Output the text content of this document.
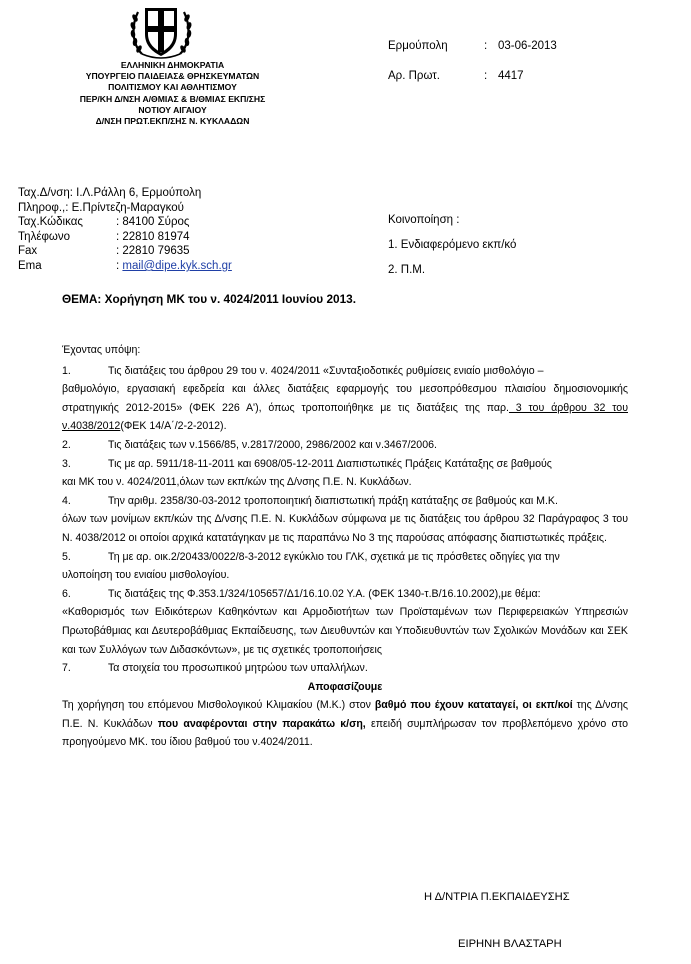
ΕΛΛΗΝΙΚΗ ΔΗΜΟΚΡΑΤΙΑ
ΥΠΟΥΡΓΕΙΟ ΠΑΙΔΕΙΑΣ& ΘΡΗΣΚΕΥΜΑΤΩΝ
ΠΟΛΙΤΙΣΜΟΥ ΚΑΙ ΑΘΛΗΤΙΣΜΟΥ
ΠΕΡ/ΚΗ Δ/ΝΣΗ Α/ΘΜΙΑΣ & Β/ΘΜΙΑΣ ΕΚΠ/ΣΗΣ
ΝΟΤΙΟΥ ΑΙΓΑΙΟΥ
Δ/ΝΣΗ ΠΡΩΤ.ΕΚΠ/ΣΗΣ Ν. ΚΥΚΛΑΔΩΝ
Ερμούπολη	: 03-06-2013
Αρ. Πρωτ.	: 4417
Ταχ.Δ/νση: Ι.Λ.Ράλλη 6, Ερμούπολη
Πληροφ.,: Ε.Πρίντεζη-Μαραγκού
Ταχ.Κώδικας	: 84100 Σύρος
Τηλέφωνο	: 22810 81974
Fax	: 22810 79635
Ema	: mail@dipe.kyk.sch.gr
Κοινοποίηση :
1. Ενδιαφερόμενο εκπ/κό
2. Π.Μ.
ΘΕΜΑ: Χορήγηση ΜΚ του ν. 4024/2011 Ιουνίου 2013.

Έχοντας υπόψη:

1.	Τις διατάξεις του άρθρου 29 του ν. 4024/2011 «Συνταξιοδοτικές ρυθμίσεις ενιαίο μισθολόγιο –

βαθμολόγιο, εργασιακή εφεδρεία και άλλες διατάξεις εφαρμογής του μεσοπρόθεσμου πλαισίου δημοσιονομικής στρατηγικής 2012-2015» (ΦΕΚ 226 Α'), όπως τροποποιήθηκε με τις διατάξεις της παρ. 3 του άρθρου 32 του ν.4038/2012(ΦΕΚ 14/Α΄/2-2-2012).

2.	Τις διατάξεις των ν.1566/85, ν.2817/2000, 2986/2002 και ν.3467/2006.
3.	Τις με αρ. 5911/18-11-2011 και 6908/05-12-2011 Διαπιστωτικές Πράξεις Κατάταξης σε βαθμούς

και ΜΚ του ν. 4024/2011,όλων των εκπ/κών της Δ/νσης Π.Ε. Ν. Κυκλάδων.

4.	Την αριθμ. 2358/30-03-2012 τροποποιητική διαπιστωτική πράξη κατάταξης σε βαθμούς και Μ.Κ.

όλων των μονίμων εκπ/κών της Δ/νσης Π.Ε. Ν. Κυκλάδων σύμφωνα με τις διατάξεις του άρθρου 32 Παράγραφος 3 του Ν. 4038/2012 οι οποίοι αρχικά κατατάγηκαν με τις παραπάνω Νο 3 της παρούσας απόφασης διαπιστωτικές πράξεις.

5.	Τη με αρ. οικ.2/20433/0022/8-3-2012 εγκύκλιο του ΓΛΚ, σχετικά με τις πρόσθετες οδηγίες για την

υλοποίηση του ενιαίου μισθολογίου.

6.	Τις διατάξεις της Φ.353.1/324/105657/Δ1/16.10.02 Υ.Α. (ΦΕΚ 1340-τ.Β/16.10.2002),με θέμα:

«Καθορισμός των Ειδικότερων Καθηκόντων και Αρμοδιοτήτων των Προϊσταμένων των Περιφερειακών Υπηρεσιών Πρωτοβάθμιας και Δευτεροβάθμιας Εκπαίδευσης, των Διευθυντών και Υποδιευθυντών των Σχολικών Μονάδων και ΣΕΚ και των Συλλόγων των Διδασκόντων», με τις σχετικές τροποποιήσεις

7.	Τα στοιχεία του προσωπικού μητρώου των υπαλλήλων.

Αποφασίζουμε

Τη χορήγηση του επόμενου Μισθολογικού Κλιμακίου (Μ.Κ.) στον βαθμό που έχουν καταταγεί, οι εκπ/κοί της Δ/νσης Π.Ε. Ν. Κυκλάδων που αναφέρονται στην παρακάτω κ/ση, επειδή συμπλήρωσαν τον προβλεπόμενο χρόνο στο προηγούμενο ΜΚ. του ίδιου βαθμού του ν.4024/2011.

Η Δ/ΝΤΡΙΑ Π.ΕΚΠΑΙΔΕΥΣΗΣ
ΕΙΡΗΝΗ ΒΛΑΣΤΑΡΗ
